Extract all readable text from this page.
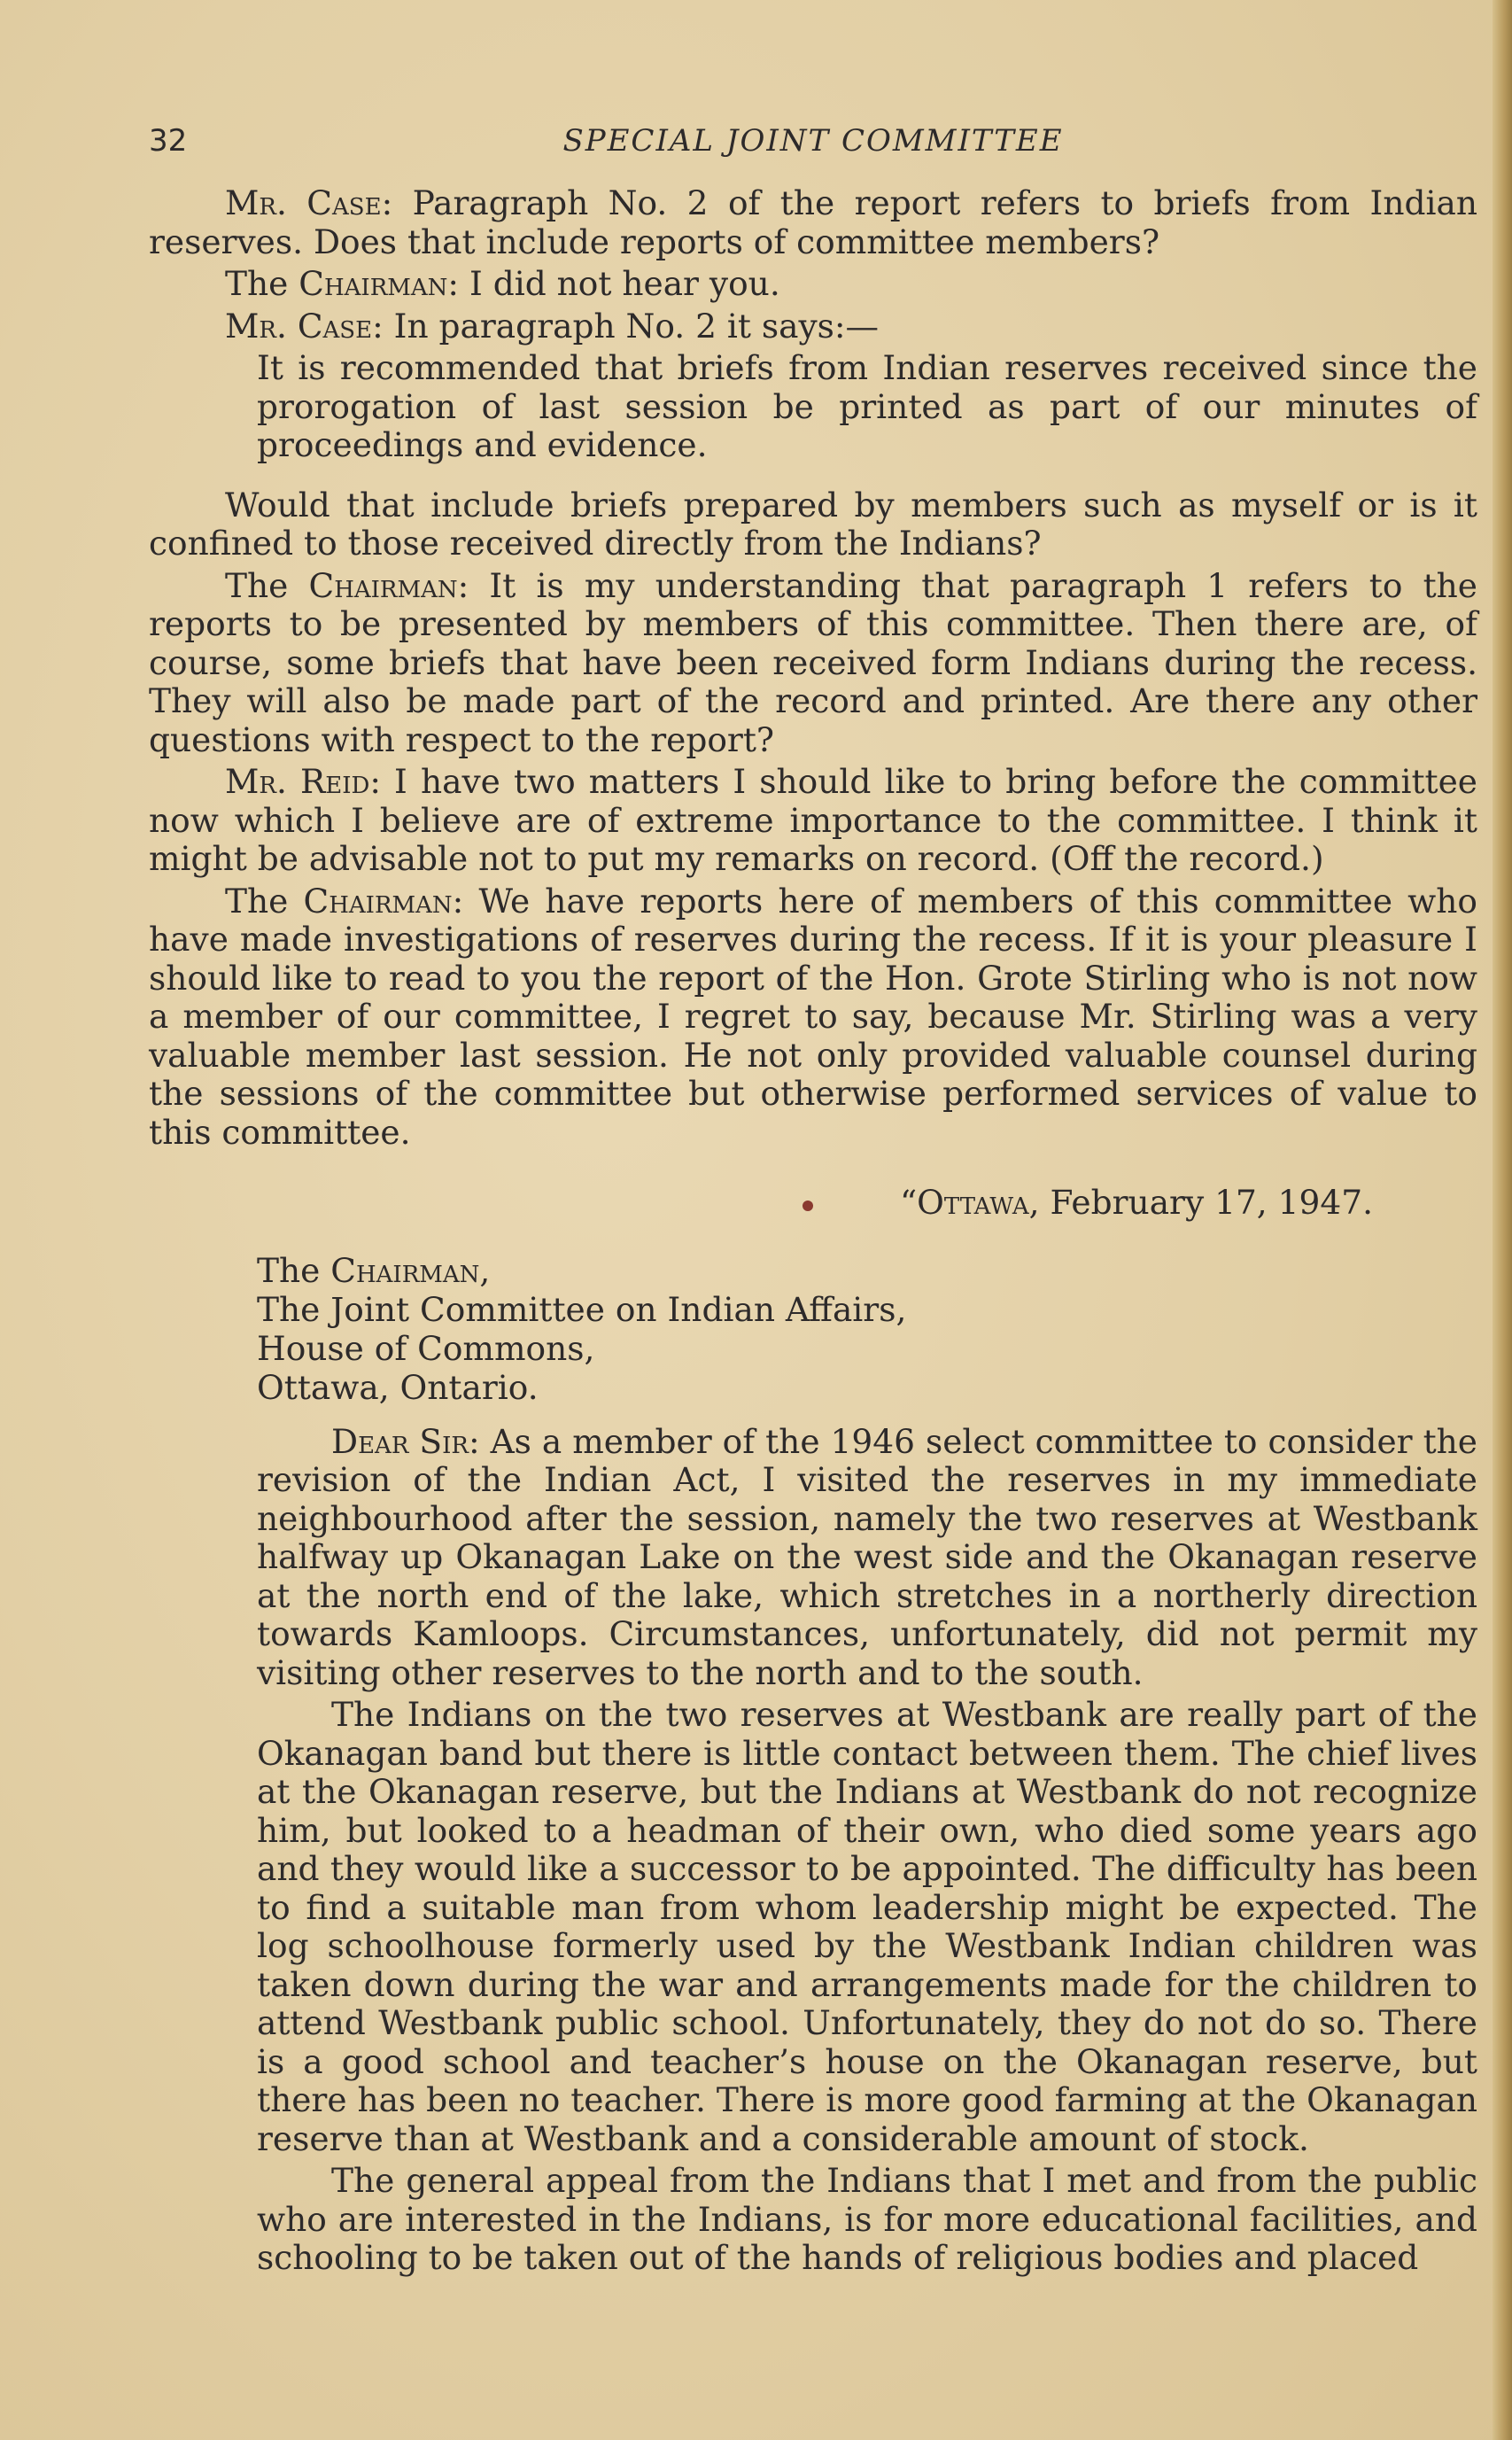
32	SPECIAL JOINT COMMITTEE

Mr. Case: Paragraph No. 2 of the report refers to briefs from Indian reserves. Does that include reports of committee members?

The Chairman: I did not hear you.

Mr. Case: In paragraph No. 2 it says:—

It is recommended that briefs from Indian reserves received since the prorogation of last session be printed as part of our minutes of proceedings and evidence.

Would that include briefs prepared by members such as myself or is it confined to those received directly from the Indians?

The Chairman: It is my understanding that paragraph 1 refers to the reports to be presented by members of this committee. Then there are, of course, some briefs that have been received form Indians during the recess. They will also be made part of the record and printed. Are there any other questions with respect to the report?

Mr. Reid: I have two matters I should like to bring before the committee now which I believe are of extreme importance to the committee. I think it might be advisable not to put my remarks on record. (Off the record.)

The Chairman: We have reports here of members of this committee who have made investigations of reserves during the recess. If it is your pleasure I should like to read to you the report of the Hon. Grote Stirling who is not now a member of our committee, I regret to say, because Mr. Stirling was a very valuable member last session. He not only provided valuable counsel during the sessions of the committee but otherwise performed services of value to this committee.

“Ottawa, February 17, 1947.
The Chairman,
The Joint Committee on Indian Affairs,
House of Commons,
Ottawa, Ontario.

Dear Sir: As a member of the 1946 select committee to consider the revision of the Indian Act, I visited the reserves in my immediate neighbourhood after the session, namely the two reserves at Westbank halfway up Okanagan Lake on the west side and the Okanagan reserve at the north end of the lake, which stretches in a northerly direction towards Kamloops. Circumstances, unfortunately, did not permit my visiting other reserves to the north and to the south.

The Indians on the two reserves at Westbank are really part of the Okanagan band but there is little contact between them. The chief lives at the Okanagan reserve, but the Indians at Westbank do not recognize him, but looked to a headman of their own, who died some years ago and they would like a successor to be appointed. The difficulty has been to find a suitable man from whom leadership might be expected. The log schoolhouse formerly used by the Westbank Indian children was taken down during the war and arrangements made for the children to attend Westbank public school. Unfortunately, they do not do so. There is a good school and teacher’s house on the Okanagan reserve, but there has been no teacher. There is more good farming at the Okanagan reserve than at Westbank and a considerable amount of stock.

The general appeal from the Indians that I met and from the public who are interested in the Indians, is for more educational facilities, and schooling to be taken out of the hands of religious bodies and placed
